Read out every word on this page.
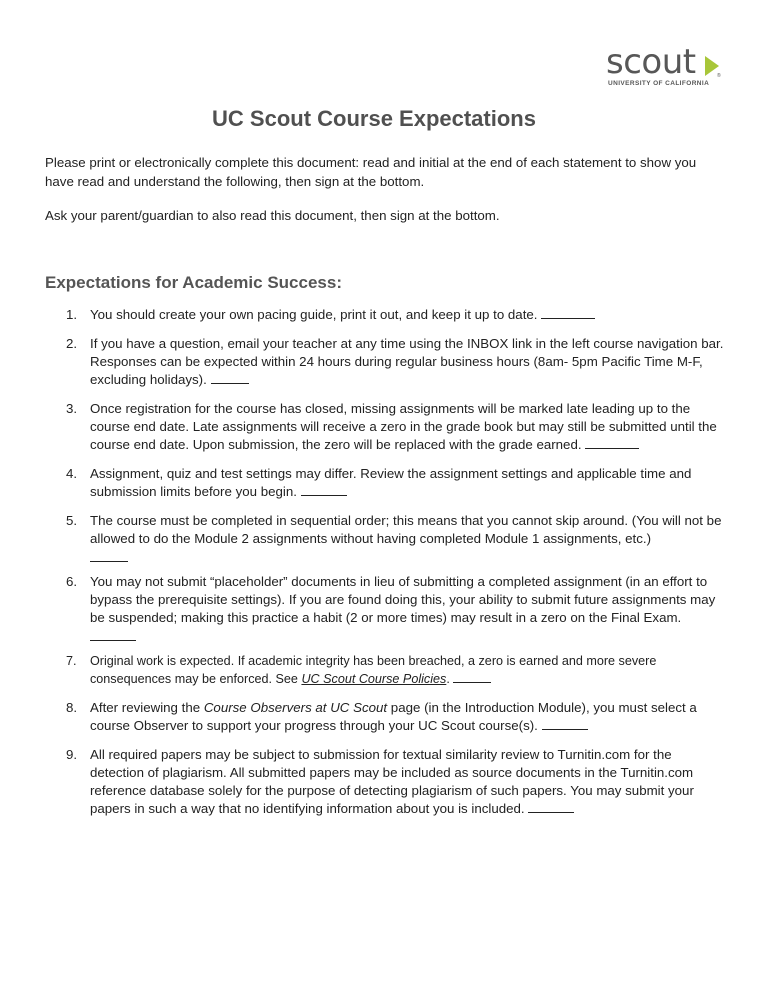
scout	®
UNIVERSITY OF CALIFORNIA
UC Scout Course Expectations

Please print or electronically complete this document: read and initial at the end of each statement to show you have read and understand the following, then sign at the bottom.

Ask your parent/guardian to also read this document, then sign at the bottom.

Expectations for Academic Success:
1. You should create your own pacing guide, print it out, and keep it up to date.
2. If you have a question, email your teacher at any time using the INBOX link in the left course navigation bar. Responses can be expected within 24 hours during regular business hours (8am- 5pm Pacific Time M-F, excluding holidays).
3. Once registration for the course has closed, missing assignments will be marked late leading up to the course end date. Late assignments will receive a zero in the grade book but may still be submitted until the course end date. Upon submission, the zero will be replaced with the grade earned.
4. Assignment, quiz and test settings may differ. Review the assignment settings and applicable time and submission limits before you begin.
5. The course must be completed in sequential order; this means that you cannot skip around. (You will not be allowed to do the Module 2 assignments without having completed Module 1 assignments, etc.)
6. You may not submit “placeholder” documents in lieu of submitting a completed assignment (in an effort to bypass the prerequisite settings). If you are found doing this, your ability to submit future assignments may be suspended; making this practice a habit (2 or more times) may result in a zero on the Final Exam.
7. Original work is expected. If academic integrity has been breached, a zero is earned and more severe consequences may be enforced. See UC Scout Course Policies.
8. After reviewing the Course Observers at UC Scout page (in the Introduction Module), you must select a course Observer to support your progress through your UC Scout course(s).
9. All required papers may be subject to submission for textual similarity review to Turnitin.com for the detection of plagiarism. All submitted papers may be included as source documents in the Turnitin.com reference database solely for the purpose of detecting plagiarism of such papers. You may submit your papers in such a way that no identifying information about you is included.
